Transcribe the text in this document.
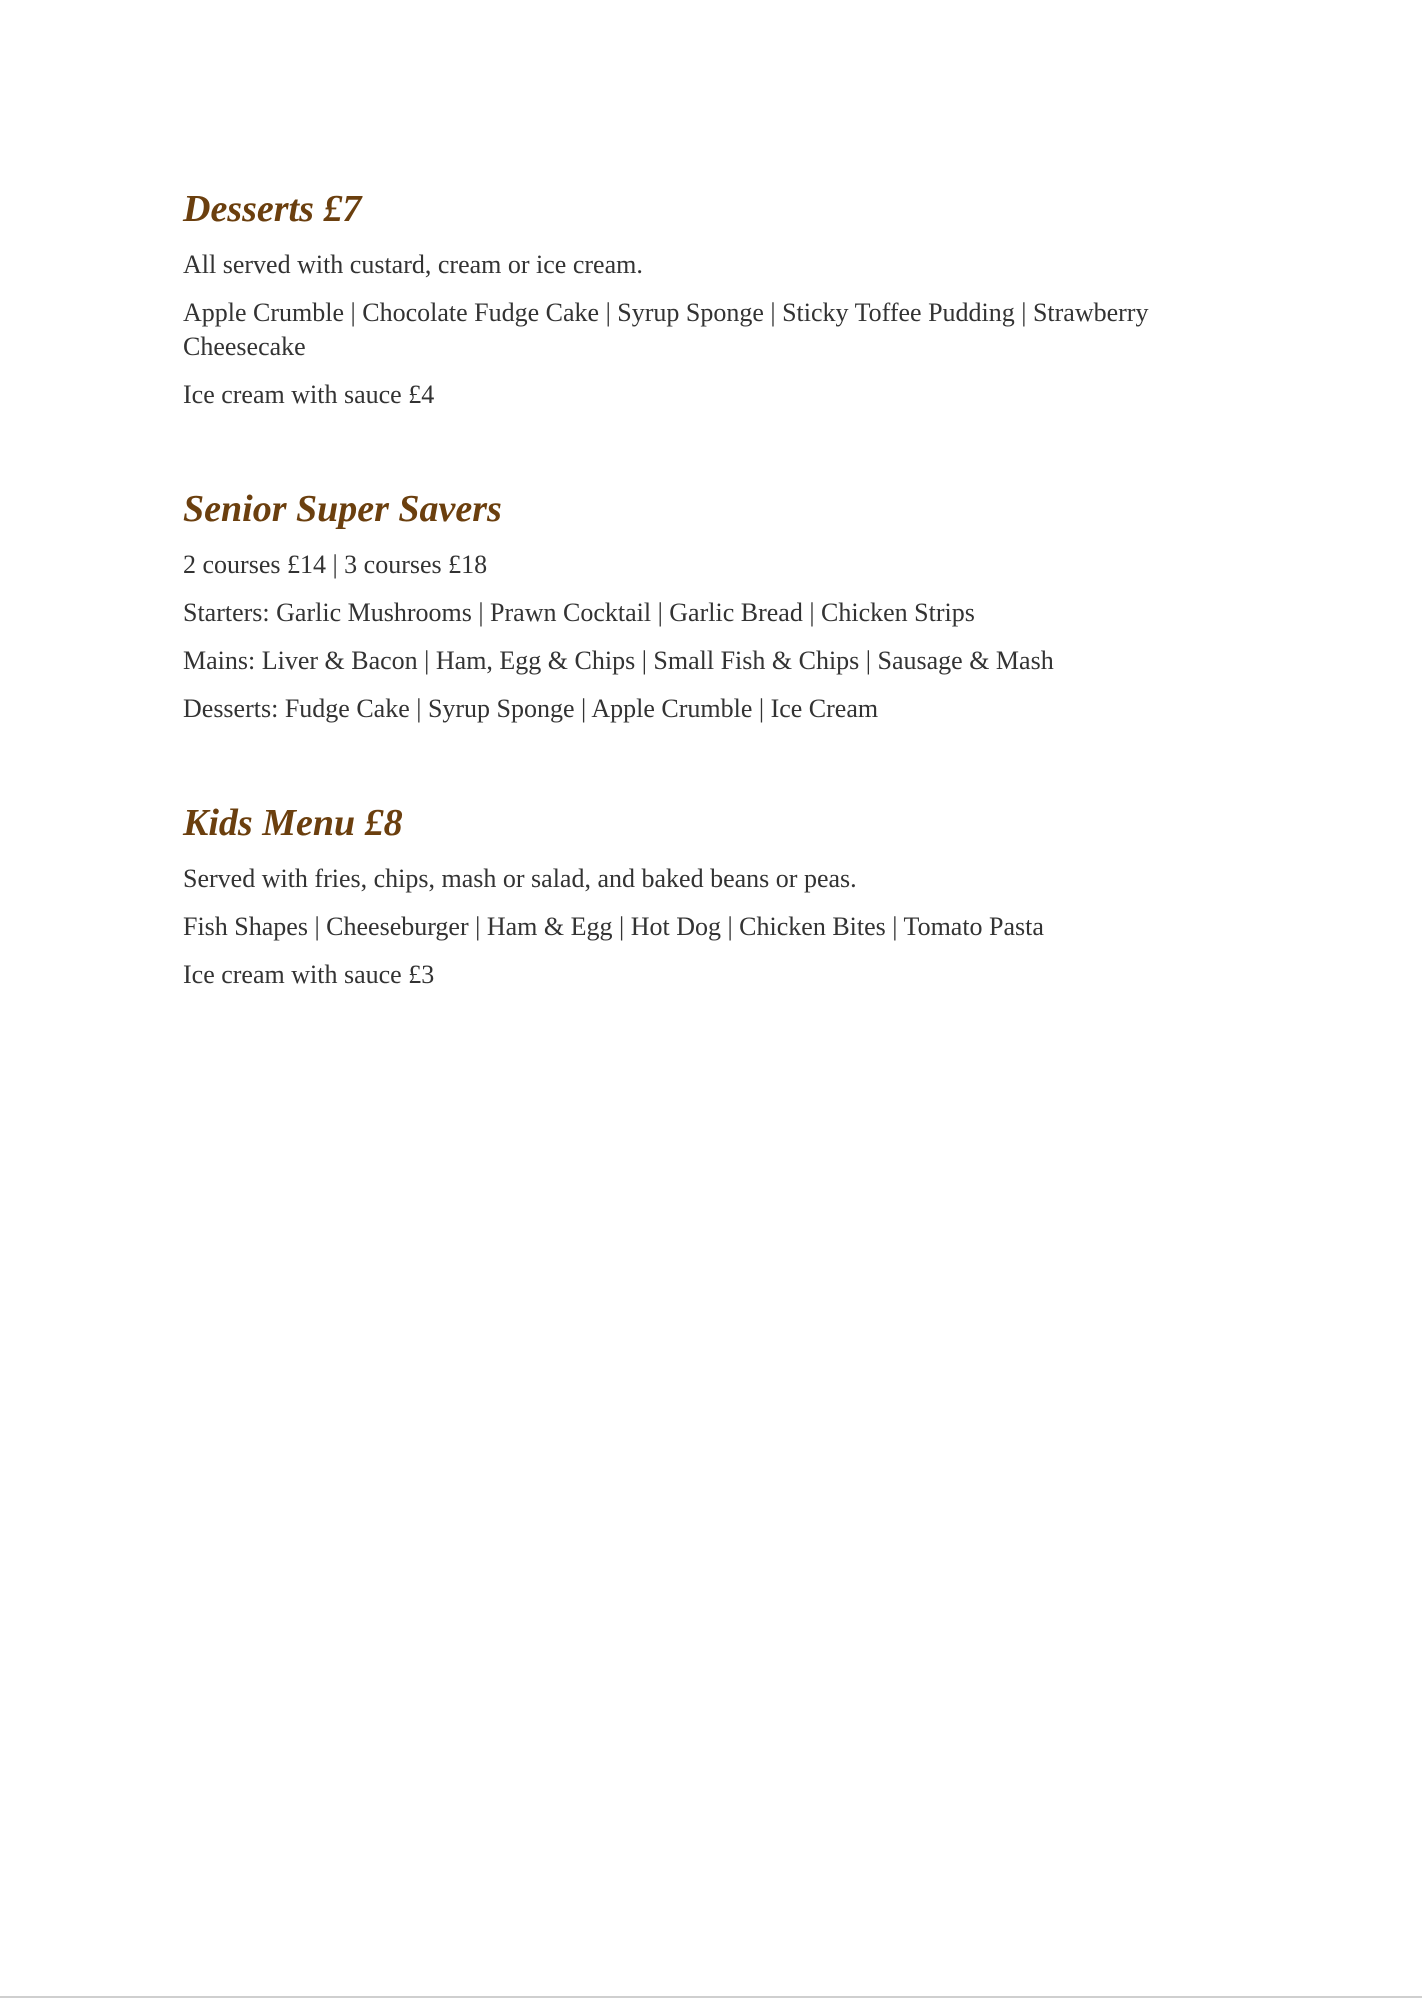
Desserts £7

All served with custard, cream or ice cream.

Apple Crumble | Chocolate Fudge Cake | Syrup Sponge | Sticky Toffee Pudding | Strawberry Cheesecake

Ice cream with sauce £4

Senior Super Savers

2 courses £14 | 3 courses £18

Starters: Garlic Mushrooms | Prawn Cocktail | Garlic Bread | Chicken Strips

Mains: Liver & Bacon | Ham, Egg & Chips | Small Fish & Chips | Sausage & Mash

Desserts: Fudge Cake | Syrup Sponge | Apple Crumble | Ice Cream

Kids Menu £8

Served with fries, chips, mash or salad, and baked beans or peas.

Fish Shapes | Cheeseburger | Ham & Egg | Hot Dog | Chicken Bites | Tomato Pasta

Ice cream with sauce £3
